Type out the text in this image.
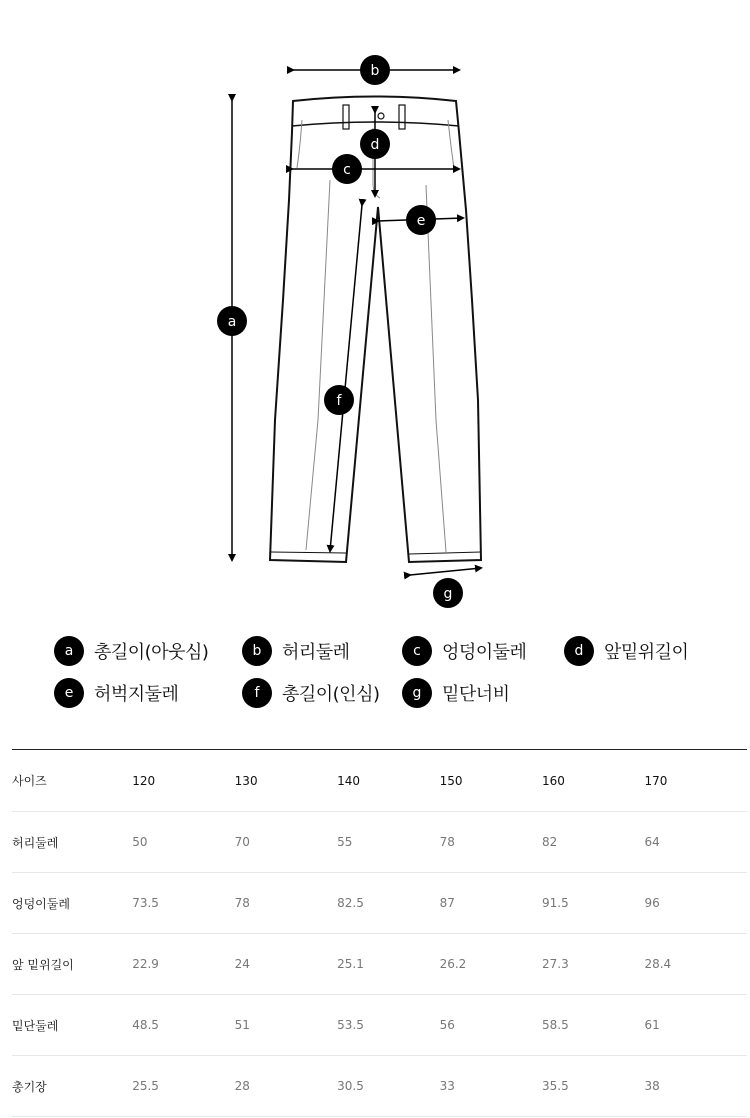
b
d
c
e
a
f
g
a	총길이(아웃심)	b	허리둘레	c	엉덩이둘레	d	앞밑위길이
e	허벅지둘레	f	총길이(인심)	g	밑단너비
사이즈	120	130	140	150	160	170
허리둘레	50	70	55	78	82	64
엉덩이둘레	73.5	78	82.5	87	91.5	96
앞 밑위길이	22.9	24	25.1	26.2	27.3	28.4
밑단둘레	48.5	51	53.5	56	58.5	61
총기장	25.5	28	30.5	33	35.5	38
